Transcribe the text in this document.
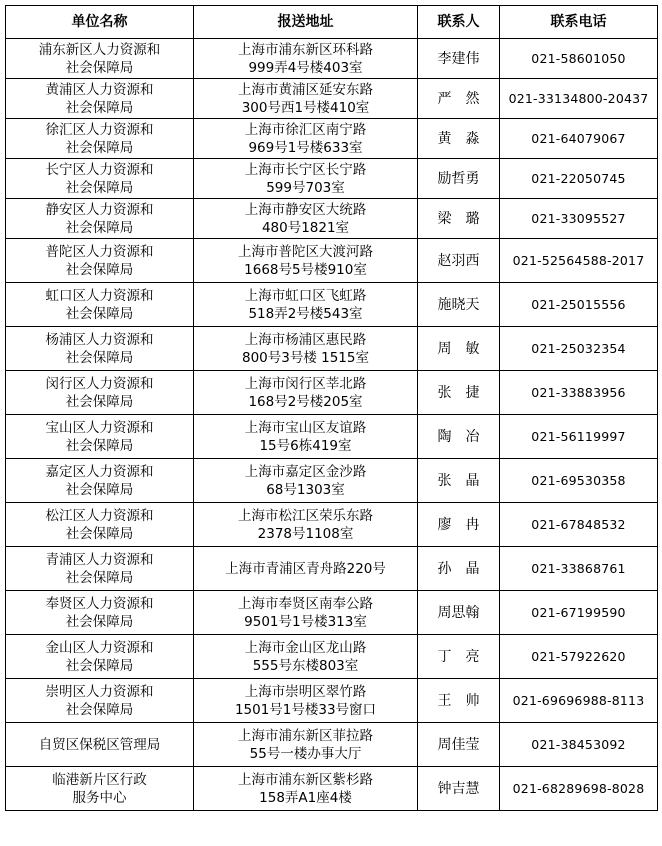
单位名称	报送地址	联系人	联系电话

浦东新区人力资源和
社会保障局	上海市浦东新区环科路
999弄4号楼403室	李建伟	021-58601050

黄浦区人力资源和
社会保障局	上海市黄浦区延安东路
300号西1号楼410室	严　然	021-33134800-20437

徐汇区人力资源和
社会保障局	上海市徐汇区南宁路
969号1号楼633室	黄　淼	021-64079067

长宁区人力资源和
社会保障局	上海市长宁区长宁路
599号703室	励哲勇	021-22050745

静安区人力资源和
社会保障局	上海市静安区大统路
480号1821室	梁　璐	021-33095527

普陀区人力资源和
社会保障局	上海市普陀区大渡河路
1668号5号楼910室	赵羽西	021-52564588-2017

虹口区人力资源和
社会保障局	上海市虹口区飞虹路
518弄2号楼543室	施晓天	021-25015556

杨浦区人力资源和
社会保障局	上海市杨浦区惠民路
800号3号楼 1515室	周　敏	021-25032354

闵行区人力资源和
社会保障局	上海市闵行区莘北路
168号2号楼205室	张　捷	021-33883956

宝山区人力资源和
社会保障局	上海市宝山区友谊路
15号6栋419室	陶　冶	021-56119997

嘉定区人力资源和
社会保障局	上海市嘉定区金沙路
68号1303室	张　晶	021-69530358

松江区人力资源和
社会保障局	上海市松江区荣乐东路
2378号1108室	廖　冉	021-67848532

青浦区人力资源和
社会保障局	上海市青浦区青舟路220号	孙　晶	021-33868761

奉贤区人力资源和
社会保障局	上海市奉贤区南奉公路
9501号1号楼313室	周思翰	021-67199590

金山区人力资源和
社会保障局	上海市金山区龙山路
555号东楼803室	丁　亮	021-57922620

崇明区人力资源和
社会保障局	上海市崇明区翠竹路
1501号1号楼33号窗口	王　帅	021-69696988-8113

自贸区保税区管理局	上海市浦东新区菲拉路
55号一楼办事大厅	周佳莹	021-38453092

临港新片区行政
服务中心	上海市浦东新区紫杉路
158弄A1座4楼	钟吉慧	021-68289698-8028
